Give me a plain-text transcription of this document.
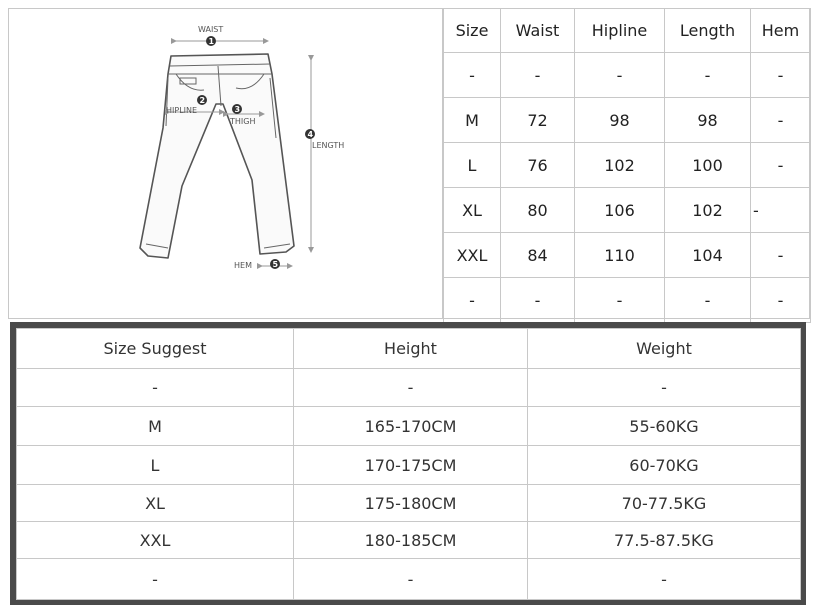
WAIST
1
HIPLINE
2
THIGH
3
LENGTH
4
HEM	5
Size	Waist	Hipline	Length	Hem
-	-	-	-	-
M	72	98	98	-
L	76	102	100	-
XL	80	106	102	-
XXL	84	110	104	-
-	-	-	-	-
Size Suggest	Height	Weight
-	-	-
M	165-170CM	55-60KG
L	170-175CM	60-70KG
XL	175-180CM	70-77.5KG
XXL	180-185CM	77.5-87.5KG
-	-	-
